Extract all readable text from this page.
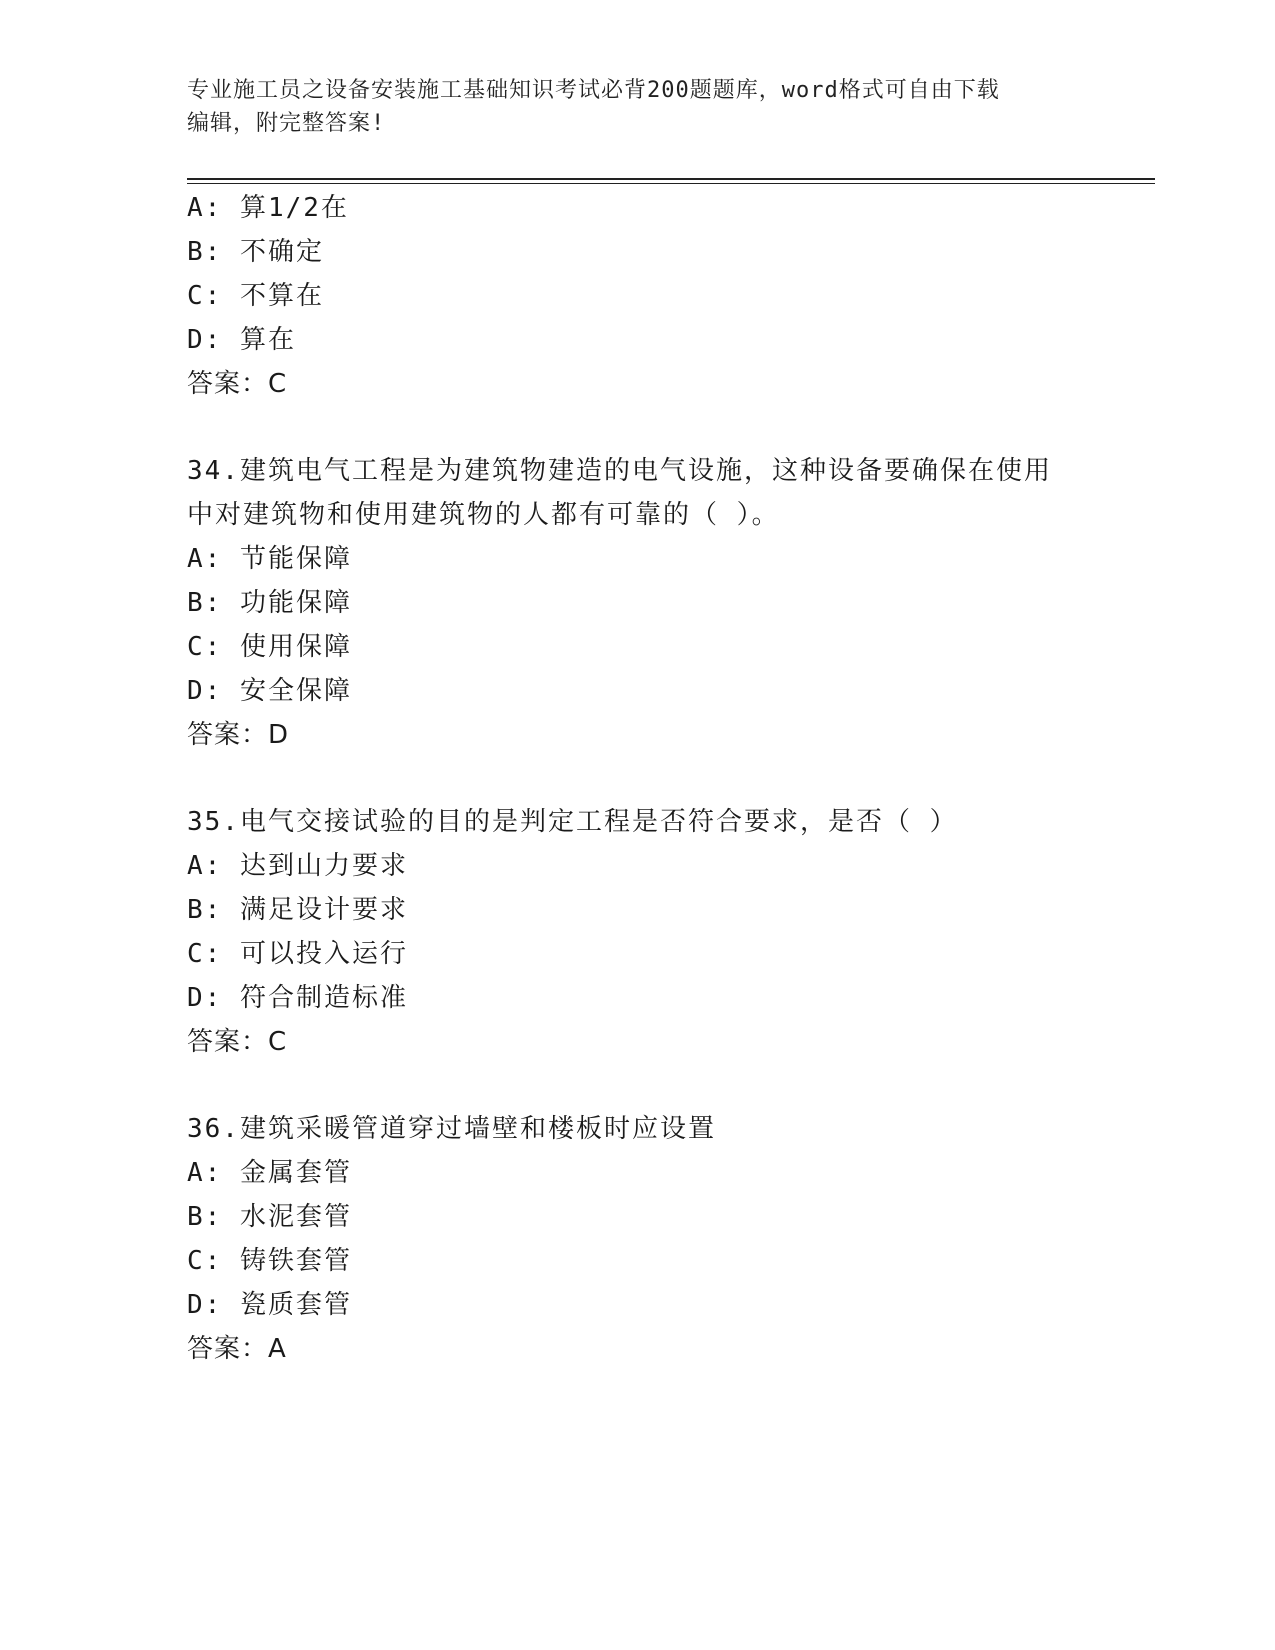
专业施工员之设备安装施工基础知识考试必背200题题库，word格式可自由下载
编辑，附完整答案!
A: 算1/2在
B: 不确定
C: 不算在
D: 算在
答案：C
34.建筑电气工程是为建筑物建造的电气设施，这种设备要确保在使用
中对建筑物和使用建筑物的人都有可靠的（ ）。
A: 节能保障
B: 功能保障
C: 使用保障
D: 安全保障
答案：D
35.电气交接试验的目的是判定工程是否符合要求，是否（ ）
A: 达到山力要求
B: 满足设计要求
C: 可以投入运行
D: 符合制造标准
答案：C
36.建筑采暖管道穿过墙壁和楼板时应设置
A: 金属套管
B: 水泥套管
C: 铸铁套管
D: 瓷质套管
答案：A
